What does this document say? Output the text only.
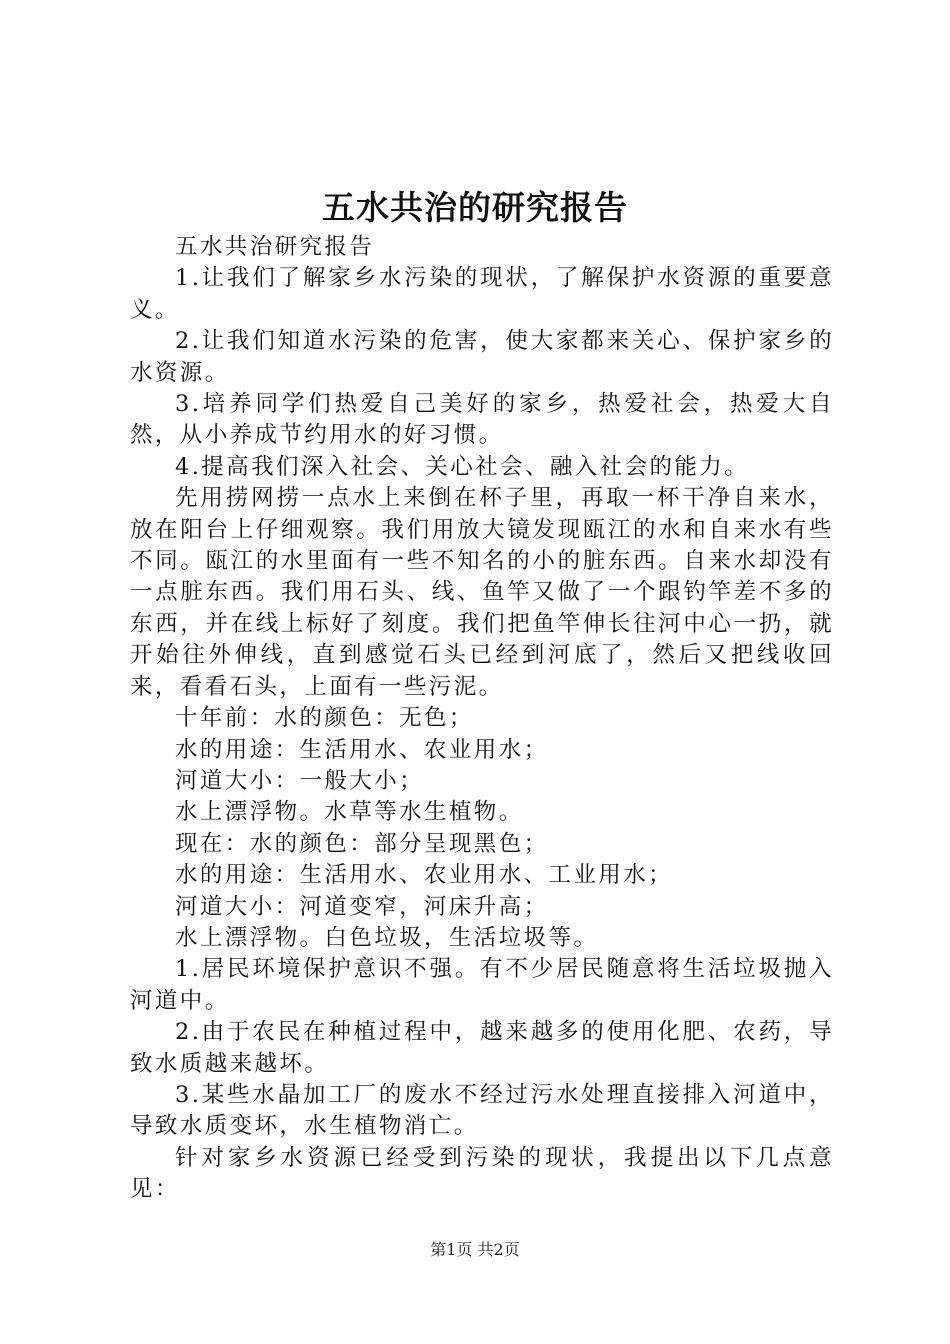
五水共治的研究报告

五水共治研究报告

1.让我们了解家乡水污染的现状，了解保护水资源的重要意义。

2.让我们知道水污染的危害，使大家都来关心、保护家乡的水资源。

3.培养同学们热爱自己美好的家乡，热爱社会，热爱大自然，从小养成节约用水的好习惯。

4.提高我们深入社会、关心社会、融入社会的能力。

先用捞网捞一点水上来倒在杯子里，再取一杯干净自来水，放在阳台上仔细观察。我们用放大镜发现瓯江的水和自来水有些不同。瓯江的水里面有一些不知名的小的脏东西。自来水却没有一点脏东西。我们用石头、线、鱼竿又做了一个跟钓竿差不多的东西，并在线上标好了刻度。我们把鱼竿伸长往河中心一扔，就开始往外伸线，直到感觉石头已经到河底了，然后又把线收回来，看看石头，上面有一些污泥。

十年前：水的颜色：无色；

水的用途：生活用水、农业用水；

河道大小：一般大小；

水上漂浮物。水草等水生植物。

现在：水的颜色：部分呈现黑色；

水的用途：生活用水、农业用水、工业用水；

河道大小：河道变窄，河床升高；

水上漂浮物。白色垃圾，生活垃圾等。

1.居民环境保护意识不强。有不少居民随意将生活垃圾抛入河道中。

2.由于农民在种植过程中，越来越多的使用化肥、农药，导致水质越来越坏。

3.某些水晶加工厂的废水不经过污水处理直接排入河道中，导致水质变坏，水生植物消亡。

针对家乡水资源已经受到污染的现状，我提出以下几点意见：

第1页 共2页
